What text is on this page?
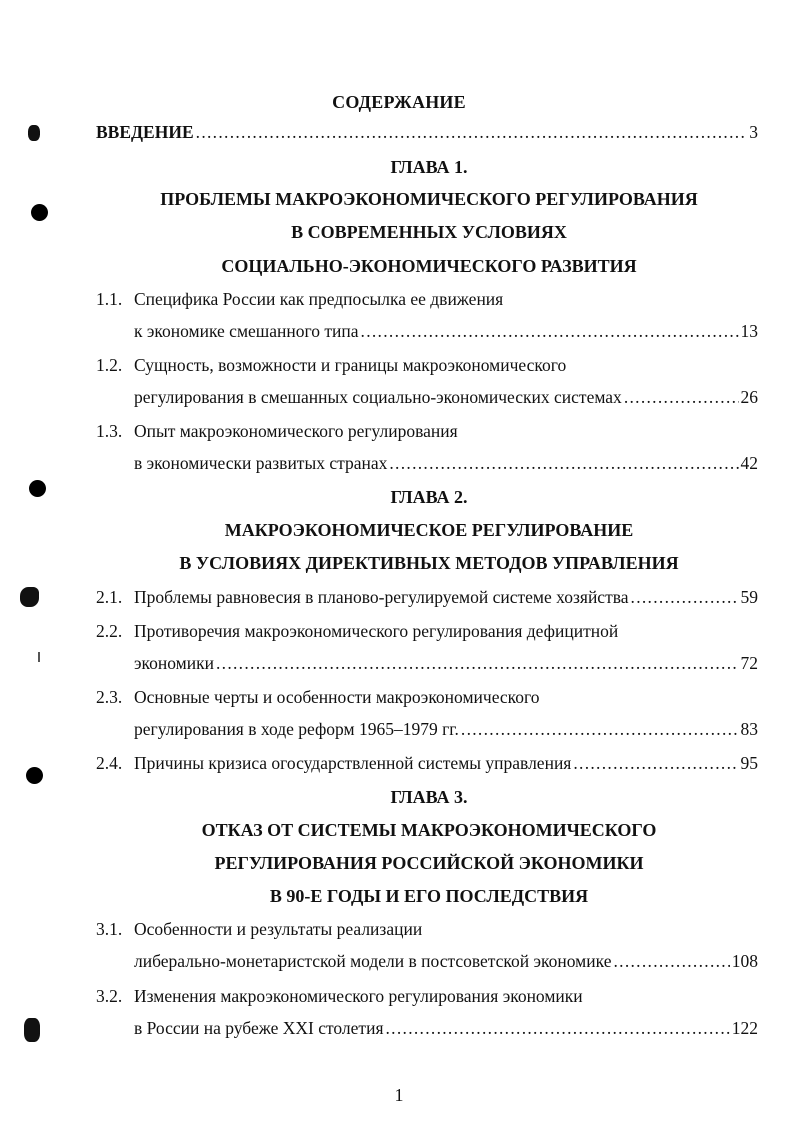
СОДЕРЖАНИЕ
ВВЕДЕНИЕ .....	3
ГЛАВА 1.
ПРОБЛЕМЫ МАКРОЭКОНОМИЧЕСКОГО РЕГУЛИРОВАНИЯ
В СОВРЕМЕННЫХ УСЛОВИЯХ
СОЦИАЛЬНО-ЭКОНОМИЧЕСКОГО РАЗВИТИЯ
1.1. Специфика России как предпосылка ее движения
к экономике смешанного типа .....	13
1.2. Сущность, возможности и границы макроэкономического
регулирования в смешанных социально-экономических системах .....	26
1.3. Опыт макроэкономического регулирования
в экономически развитых странах .....	42
ГЛАВА 2.
МАКРОЭКОНОМИЧЕСКОЕ РЕГУЛИРОВАНИЕ
В УСЛОВИЯХ ДИРЕКТИВНЫХ МЕТОДОВ УПРАВЛЕНИЯ
2.1. Проблемы равновесия в планово-регулируемой системе хозяйства .....	59
2.2. Противоречия макроэкономического регулирования дефицитной
экономики .....	72
2.3. Основные черты и особенности макроэкономического
регулирования в ходе реформ 1965–1979 гг. .....	83
2.4. Причины кризиса огосударствленной системы управления .....	95
ГЛАВА 3.
ОТКАЗ ОТ СИСТЕМЫ МАКРОЭКОНОМИЧЕСКОГО
РЕГУЛИРОВАНИЯ РОССИЙСКОЙ ЭКОНОМИКИ
В 90-Е ГОДЫ И ЕГО ПОСЛЕДСТВИЯ
3.1. Особенности и результаты реализации
либерально-монетаристской модели в постсоветской экономике .....	108
3.2. Изменения макроэкономического регулирования экономики
в России на рубеже XXI столетия .....	122
1
